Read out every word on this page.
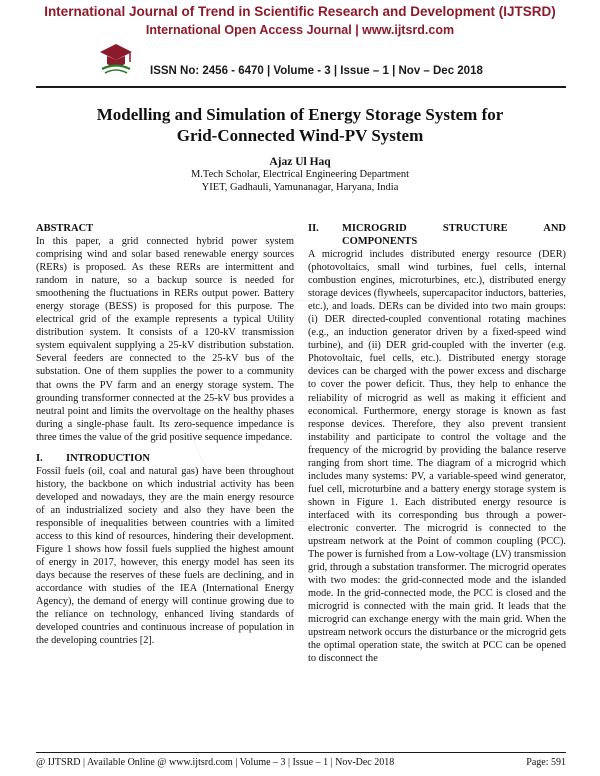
International Journal of Trend in Scientific Research and Development (IJTSRD)
International Open Access Journal | www.ijtsrd.com
ISSN No: 2456 - 6470 | Volume - 3 | Issue – 1 | Nov – Dec 2018
Modelling and Simulation of Energy Storage System for
Grid-Connected Wind-PV System
Ajaz Ul Haq
M.Tech Scholar, Electrical Engineering Department
YIET, Gadhauli, Yamunanagar, Haryana, India

ABSTRACT

In this paper, a grid connected hybrid power system comprising wind and solar based renewable energy sources (RERs) is proposed. As these RERs are intermittent and random in nature, so a backup source is needed for smoothening the fluctuations in RERs output power. Battery energy storage (BESS) is proposed for this purpose. The electrical grid of the example represents a typical Utility distribution system. It consists of a 120-kV transmission system equivalent supplying a 25-kV distribution substation. Several feeders are connected to the 25-kV bus of the substation. One of them supplies the power to a community that owns the PV farm and an energy storage system. The grounding transformer connected at the 25-kV bus provides a neutral point and limits the overvoltage on the healthy phases during a single-phase fault. Its zero-sequence impedance is three times the value of the grid positive sequence impedance.

I. INTRODUCTION

Fossil fuels (oil, coal and natural gas) have been throughout history, the backbone on which industrial activity has been developed and nowadays, they are the main energy resource of an industrialized society and also they have been the responsible of inequalities between countries with a limited access to this kind of resources, hindering their development. Figure 1 shows how fossil fuels supplied the highest amount of energy in 2017, however, this energy model has seen its days because the reserves of these fuels are declining, and in accordance with studies of the IEA (International Energy Agency), the demand of energy will continue growing due to the reliance on technology, enhanced living standards of developed countries and continuous increase of population in the developing countries [2].

II.	MICROGRID STRUCTURE AND
COMPONENTS

A microgrid includes distributed energy resource (DER) (photovoltaics, small wind turbines, fuel cells, internal combustion engines, microturbines, etc.), distributed energy storage devices (flywheels, supercapacitor inductors, batteries, etc.), and loads. DERs can be divided into two main groups: (i) DER directed-coupled conventional rotating machines (e.g., an induction generator driven by a fixed-speed wind turbine), and (ii) DER grid-coupled with the inverter (e.g. Photovoltaic, fuel cells, etc.). Distributed energy storage devices can be charged with the power excess and discharge to cover the power deficit. Thus, they help to enhance the reliability of microgrid as well as making it efficient and economical. Furthermore, energy storage is known as fast response devices. Therefore, they also prevent transient instability and participate to control the voltage and the frequency of the microgrid by providing the balance reserve ranging from short time. The diagram of a microgrid which includes many systems: PV, a variable-speed wind generator, fuel cell, microturbine and a battery energy storage system is shown in Figure 1. Each distributed energy resource is interfaced with its corresponding bus through a power-electronic converter. The microgrid is connected to the upstream network at the Point of common coupling (PCC). The power is furnished from a Low-voltage (LV) transmission grid, through a substation transformer. The microgrid operates with two modes: the grid-connected mode and the islanded mode. In the grid-connected mode, the PCC is closed and the microgrid is connected with the main grid. It leads that the microgrid can exchange energy with the main grid. When the upstream network occurs the disturbance or the microgrid gets the optimal operation state, the switch at PCC can be opened to disconnect the

@ IJTSRD | Available Online @ www.ijtsrd.com | Volume – 3 | Issue – 1 | Nov-Dec 2018	Page: 591
